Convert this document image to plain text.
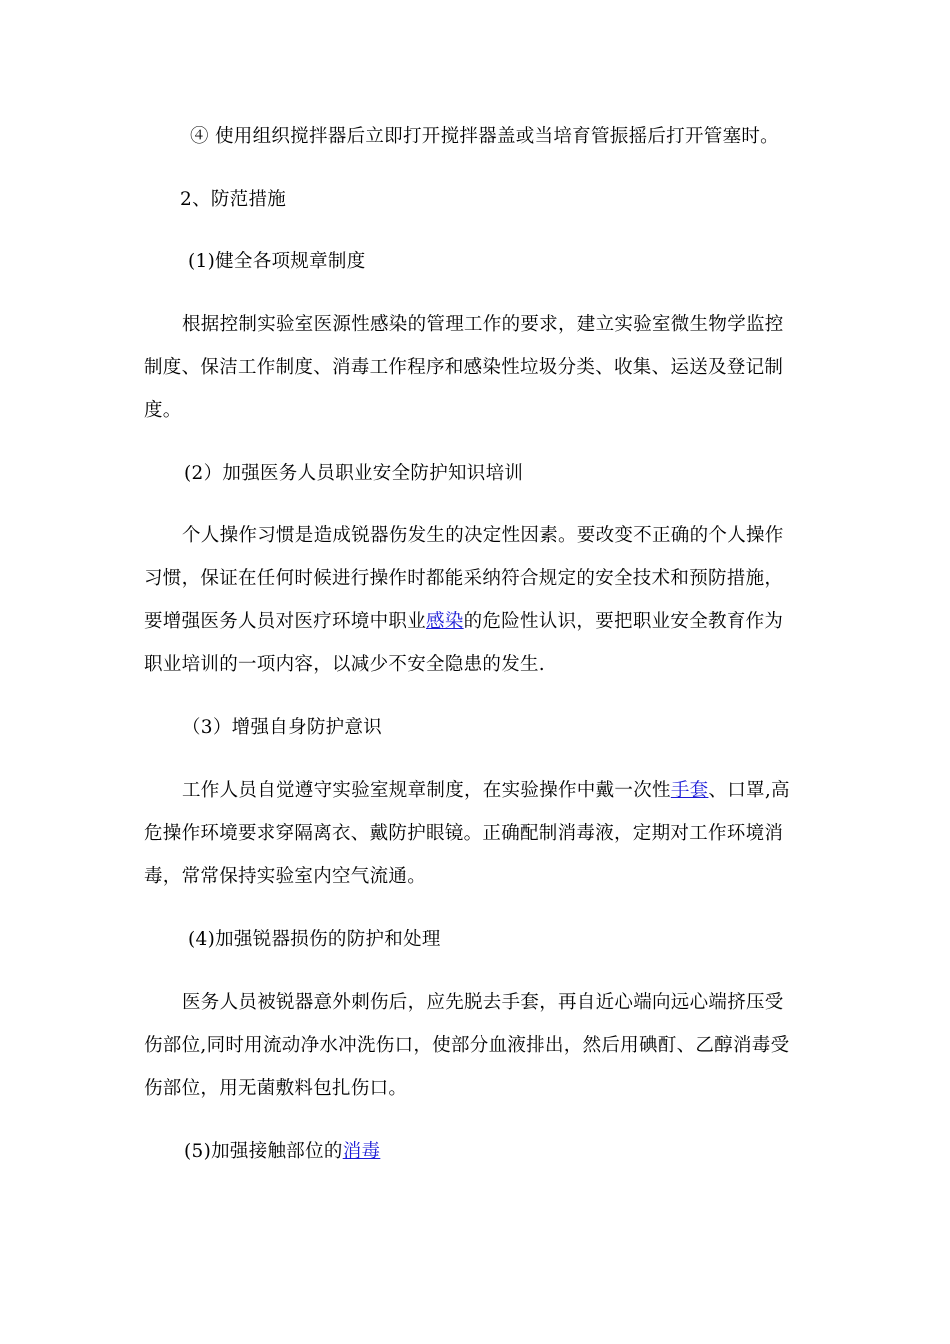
④ 使用组织搅拌器后立即打开搅拌器盖或当培育管振摇后打开管塞时。
2、防范措施
(1)健全各项规章制度
根据控制实验室医源性感染的管理工作的要求，建立实验室微生物学监控
制度、保洁工作制度、消毒工作程序和感染性垃圾分类、收集、运送及登记制
度。
(2）加强医务人员职业安全防护知识培训
个人操作习惯是造成锐器伤发生的决定性因素。要改变不正确的个人操作
习惯，保证在任何时候进行操作时都能采纳符合规定的安全技术和预防措施，
要增强医务人员对医疗环境中职业感染的危险性认识，要把职业安全教育作为
职业培训的一项内容，以减少不安全隐患的发生.
（3）增强自身防护意识
工作人员自觉遵守实验室规章制度，在实验操作中戴一次性手套、口罩,高
危操作环境要求穿隔离衣、戴防护眼镜。正确配制消毒液，定期对工作环境消
毒，常常保持实验室内空气流通。
(4)加强锐器损伤的防护和处理
医务人员被锐器意外刺伤后，应先脱去手套，再自近心端向远心端挤压受
伤部位,同时用流动净水冲洗伤口，使部分血液排出，然后用碘酊、乙醇消毒受
伤部位，用无菌敷料包扎伤口。
(5)加强接触部位的消毒
